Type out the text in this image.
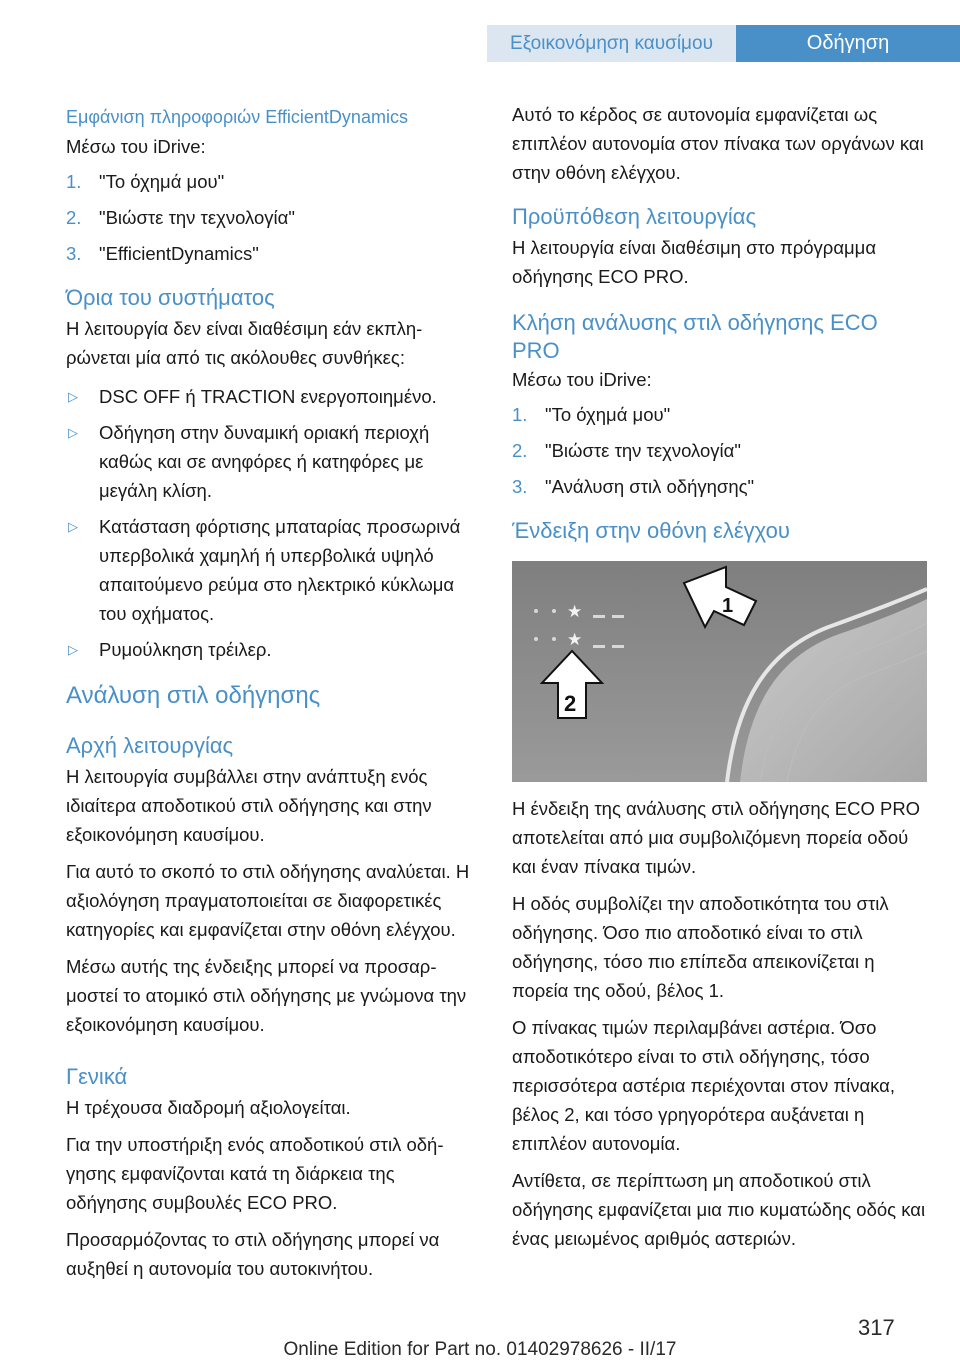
Εξοικονόμηση καυσίμου	Οδήγηση
Εμφάνιση πληροφοριών EfficientDynamics

Μέσω του iDrive:

1. "Το όχημά μου"
2. "Βιώστε την τεχνολογία"
3. "EfficientDynamics"
Όρια του συστήματος

Η λειτουργία δεν είναι διαθέσιμη εάν εκπληρώνεται μία από τις ακόλουθες συνθήκες:

▷ DSC OFF ή TRACTION ενεργοποιημένο.
▷ Οδήγηση στην δυναμική οριακή περιοχή καθώς και σε ανηφόρες ή κατηφόρες με μεγάλη κλίση.
▷ Κατάσταση φόρτισης μπαταρίας προσωρινά υπερβολικά χαμηλή ή υπερβολικά υψηλό απαιτούμενο ρεύμα στο ηλεκτρικό κύκλωμα του οχήματος.
▷ Ρυμούλκηση τρέιλερ.
Ανάλυση στιλ οδήγησης
Αρχή λειτουργίας

Η λειτουργία συμβάλλει στην ανάπτυξη ενός ιδιαίτερα αποδοτικού στιλ οδήγησης και στην εξοικονόμηση καυσίμου.

Για αυτό το σκοπό το στιλ οδήγησης αναλύεται. Η αξιολόγηση πραγματοποιείται σε διαφορετικές κατηγορίες και εμφανίζεται στην οθόνη ελέγχου.

Μέσω αυτής της ένδειξης μπορεί να προσαρμοστεί το ατομικό στιλ οδήγησης με γνώμονα την εξοικονόμηση καυσίμου.

Γενικά

Η τρέχουσα διαδρομή αξιολογείται.

Για την υποστήριξη ενός αποδοτικού στιλ οδήγησης εμφανίζονται κατά τη διάρκεια της οδήγησης συμβουλές ECO PRO.

Προσαρμόζοντας το στιλ οδήγησης μπορεί να αυξηθεί η αυτονομία του αυτοκινήτου.

Αυτό το κέρδος σε αυτονομία εμφανίζεται ως επιπλέον αυτονομία στον πίνακα των οργάνων και στην οθόνη ελέγχου.

Προϋπόθεση λειτουργίας

Η λειτουργία είναι διαθέσιμη στο πρόγραμμα οδήγησης ECO PRO.

Κλήση ανάλυσης στιλ οδήγησης ECO PRO

Μέσω του iDrive:

1. "Το όχημά μου"
2. "Βιώστε την τεχνολογία"
3. "Ανάλυση στιλ οδήγησης"
Ένδειξη στην οθόνη ελέγχου
★
★
1
2

Η ένδειξη της ανάλυσης στιλ οδήγησης ECO PRO αποτελείται από μια συμβολιζόμενη πορεία οδού και έναν πίνακα τιμών.

Η οδός συμβολίζει την αποδοτικότητα του στιλ οδήγησης. Όσο πιο αποδοτικό είναι το στιλ οδήγησης, τόσο πιο επίπεδα απεικονίζεται η πορεία της οδού, βέλος 1.

Ο πίνακας τιμών περιλαμβάνει αστέρια. Όσο αποδοτικότερο είναι το στιλ οδήγησης, τόσο περισσότερα αστέρια περιέχονται στον πίνακα, βέλος 2, και τόσο γρηγορότερα αυξάνεται η επιπλέον αυτονομία.

Αντίθετα, σε περίπτωση μη αποδοτικού στιλ οδήγησης εμφανίζεται μια πιο κυματώδης οδός και ένας μειωμένος αριθμός αστεριών.

317
Online Edition for Part no. 01402978626 - II/17
